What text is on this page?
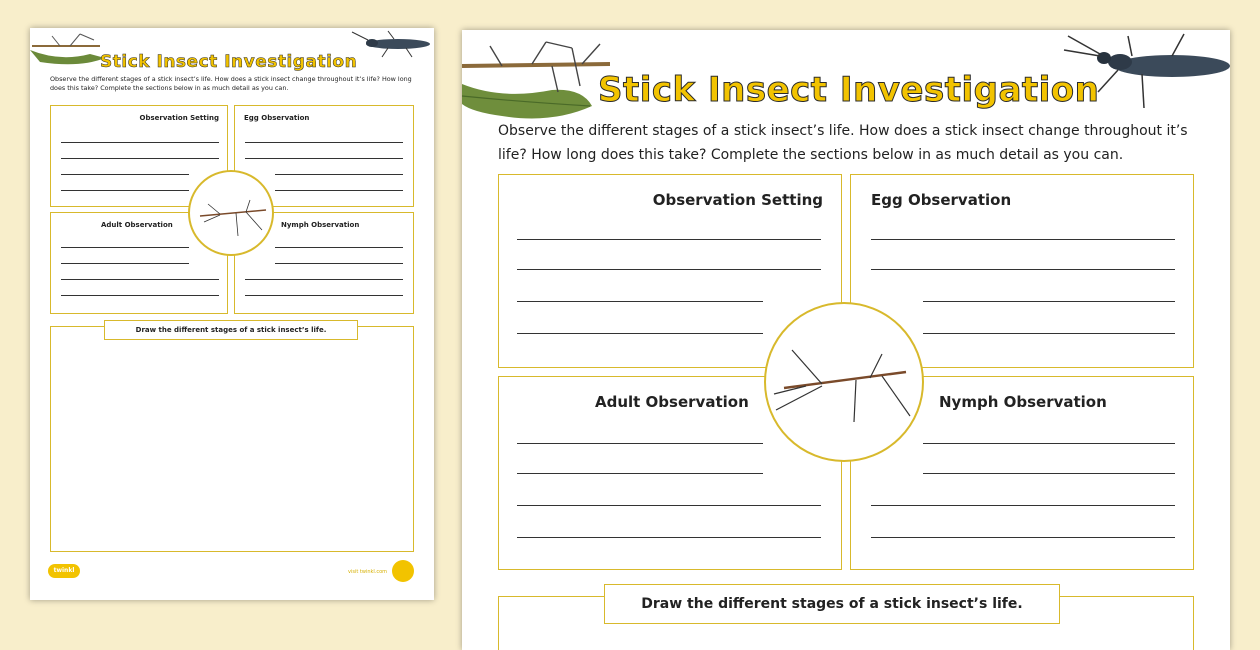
Stick Insect Investigation

Observe the different stages of a stick insect’s life. How does a stick insect change throughout it’s life? How long does this take? Complete the sections below in as much detail as you can.

Observation Setting	Egg Observation

Adult Observation	Nymph Observation

Draw the different stages of a stick insect’s life.
twinkl	visit twinkl.com
Stick Insect Investigation

Observe the different stages of a stick insect’s life. How does a stick insect change throughout it’s life? How long does this take? Complete the sections below in as much detail as you can.

Observation Setting	Egg Observation

Adult Observation	Nymph Observation

Draw the different stages of a stick insect’s life.
